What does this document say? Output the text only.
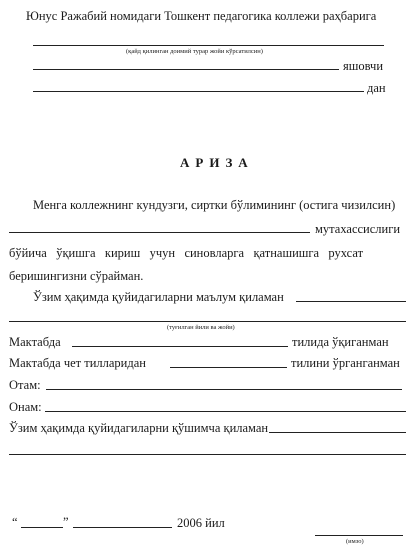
Юнус Ражабий номидаги Тошкент педагогика коллежи раҳбарига
(қайд қилинган доимий турар жойи кўрсатилсин)
яшовчи
дан
АРИЗА
Менга коллежнинг кундузги, сиртки бўлимининг (остига чизилсин)
мутахассислиги
бўйича   ўқишга   кириш   учун   синовларга   қатнашишга   рухсат
беришингизни сўрайман.
Ўзим ҳақимда қуйидагиларни маълум қиламан
(туғилган йили ва жойи)
Мактабда	тилида ўқиганман
Мактабда чет тилларидан	тилини ўрганганман
Отам:
Онам:
Ўзим ҳақимда қуйидагиларни қўшимча қиламан
“	”	2006 йил
(имзо)
